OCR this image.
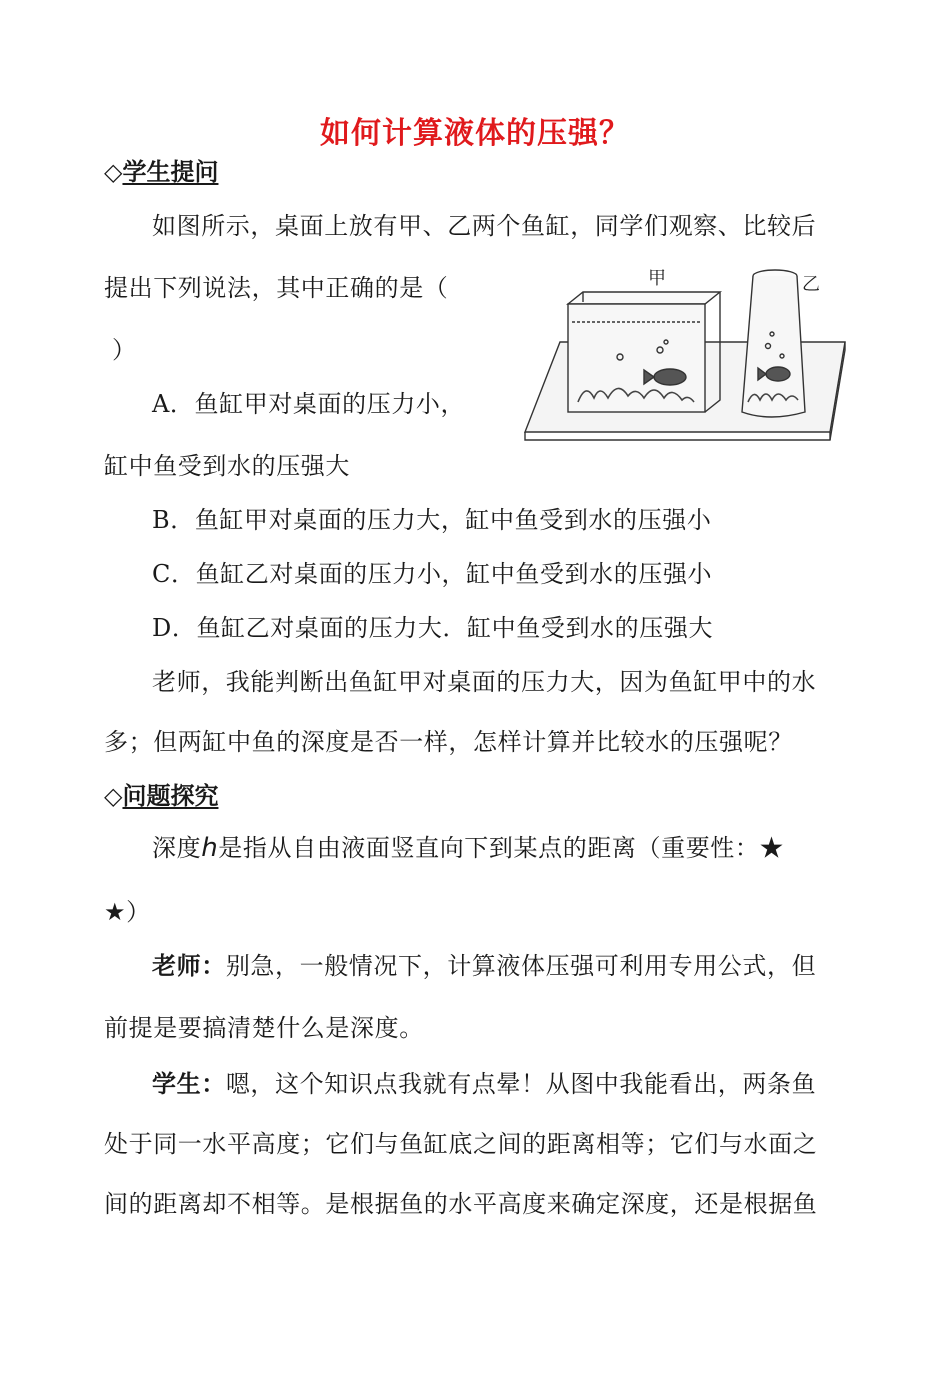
如何计算液体的压强？
◇学生提问
如图所示，桌面上放有甲、乙两个鱼缸，同学们观察、比较后
提出下列说法，其中正确的是（
）
A．鱼缸甲对桌面的压力小，
缸中鱼受到水的压强大
B．鱼缸甲对桌面的压力大，缸中鱼受到水的压强小
C．鱼缸乙对桌面的压力小，缸中鱼受到水的压强小
D．鱼缸乙对桌面的压力大．缸中鱼受到水的压强大
老师，我能判断出鱼缸甲对桌面的压力大，因为鱼缸甲中的水
多；但两缸中鱼的深度是否一样，怎样计算并比较水的压强呢？
甲	乙
◇问题探究
深度h是指从自由液面竖直向下到某点的距离（重要性：★
★）
老师：别急，一般情况下，计算液体压强可利用专用公式，但
前提是要搞清楚什么是深度。
学生：嗯，这个知识点我就有点晕！从图中我能看出，两条鱼
处于同一水平高度；它们与鱼缸底之间的距离相等；它们与水面之
间的距离却不相等。是根据鱼的水平高度来确定深度，还是根据鱼
